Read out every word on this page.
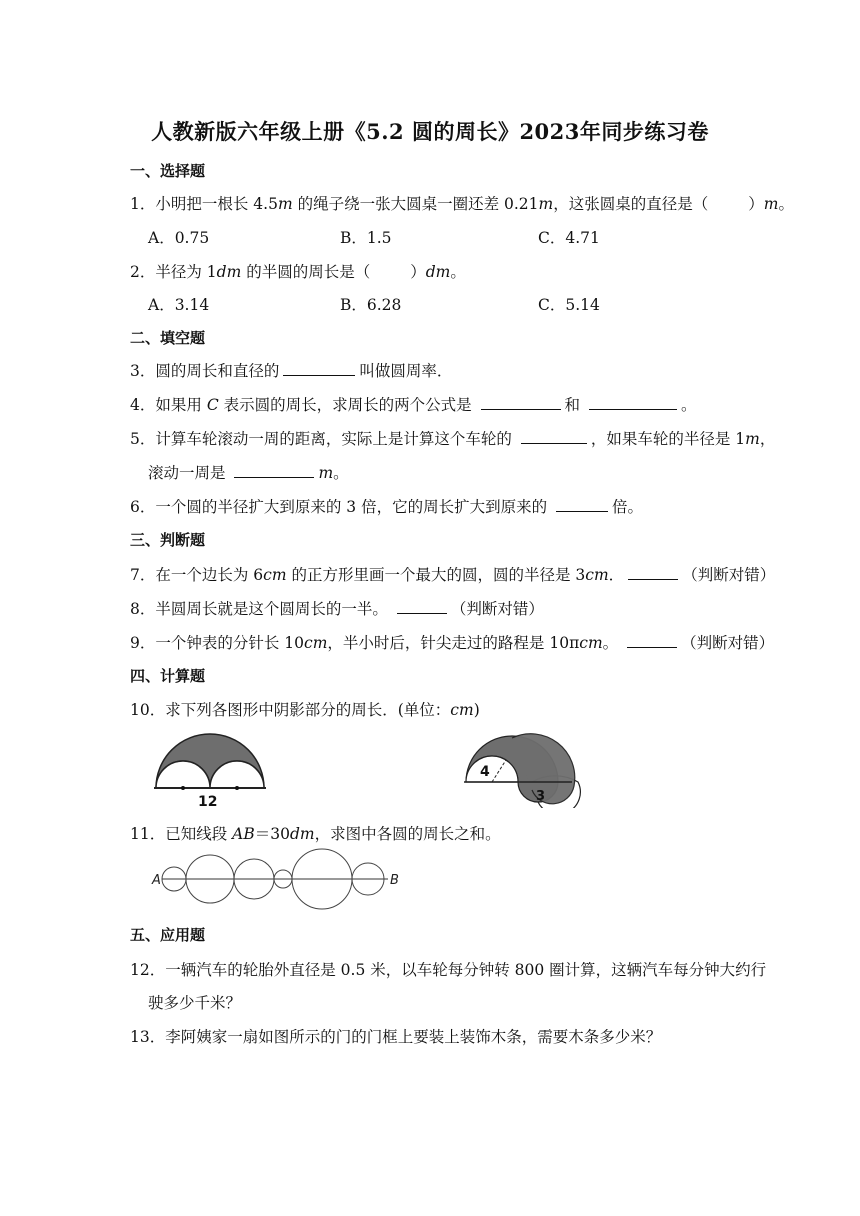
人教新版六年级上册《5.2 圆的周长》2023年同步练习卷
一、选择题
1．小明把一根长 4.5m 的绳子绕一张大圆桌一圈还差 0.21m，这张圆桌的直径是（	）m。
A．0.75	B．1.5	C．4.71
2．半径为 1dm 的半圆的周长是（	）dm。
A．3.14	B．6.28	C．5.14
二、填空题
3．圆的周长和直径的	叫做圆周率．
4．如果用 C 表示圆的周长，求周长的两个公式是	和	。
5．计算车轮滚动一周的距离，实际上是计算这个车轮的	，如果车轮的半径是 1m，
滚动一周是	m。
6．一个圆的半径扩大到原来的 3 倍，它的周长扩大到原来的	倍。
三、判断题
7．在一个边长为 6cm 的正方形里画一个最大的圆，圆的半径是 3cm．	（判断对错）
8．半圆周长就是这个圆周长的一半。	（判断对错）
9．一个钟表的分针长 10cm，半小时后，针尖走过的路程是 10πcm。	（判断对错）
四、计算题
10．求下列各图形中阴影部分的周长．(单位：cm)
12
4
3
11．已知线段 AB＝30dm，求图中各圆的周长之和。
A	B
五、应用题
12．一辆汽车的轮胎外直径是 0.5 米，以车轮每分钟转 800 圈计算，这辆汽车每分钟大约行
驶多少千米？
13．李阿姨家一扇如图所示的门的门框上要装上装饰木条，需要木条多少米？
